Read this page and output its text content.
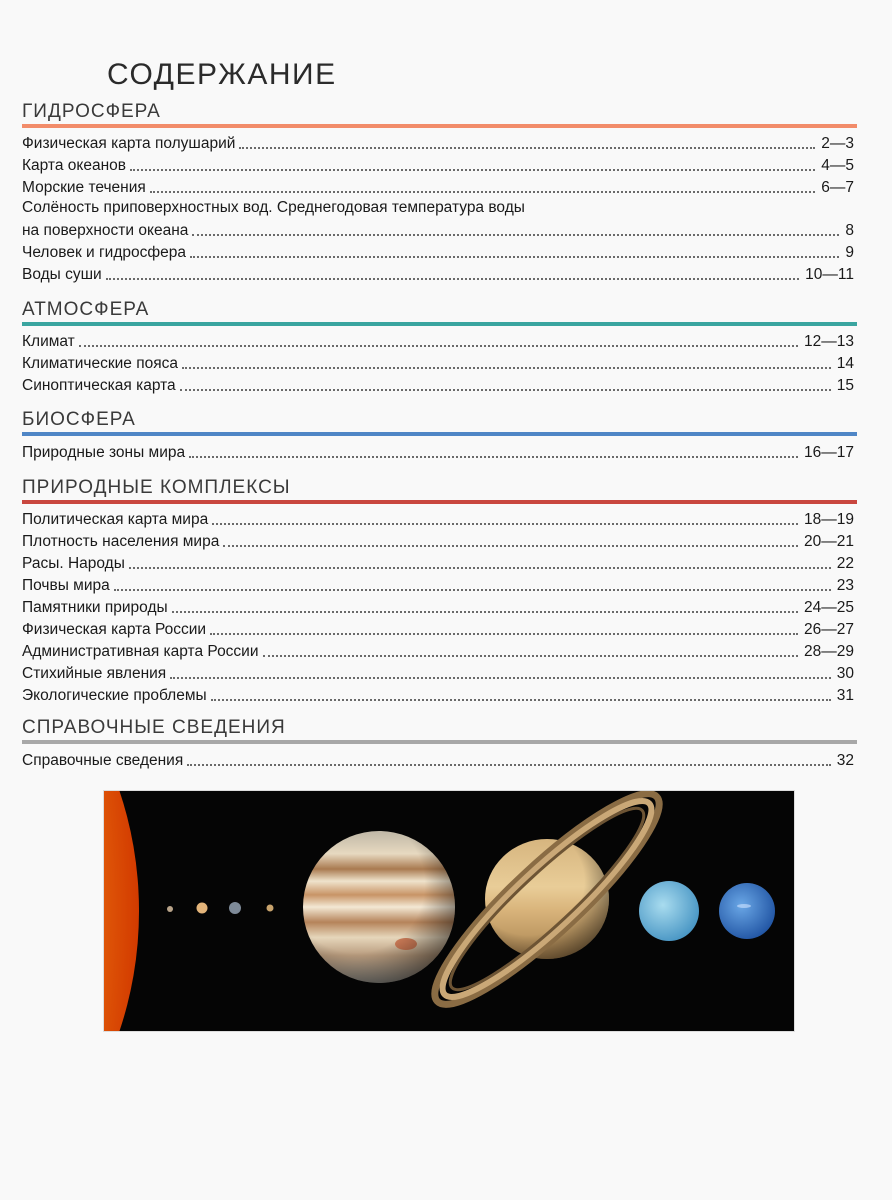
СОДЕРЖАНИЕ
ГИДРОСФЕРА
Физическая карта полушарий	2—3
Карта океанов	4—5
Морские течения	6—7
Солёность приповерхностных вод. Среднегодовая температура воды
на поверхности океана	8
Человек и гидросфера	9
Воды суши	10—11
АТМОСФЕРА
Климат	12—13
Климатические пояса	14
Синоптическая карта	15
БИОСФЕРА
Природные зоны мира	16—17
ПРИРОДНЫЕ КОМПЛЕКСЫ
Политическая карта мира	18—19
Плотность населения мира	20—21
Расы. Народы	22
Почвы мира	23
Памятники природы	24—25
Физическая карта России	26—27
Административная карта России	28—29
Стихийные явления	30
Экологические проблемы	31
СПРАВОЧНЫЕ СВЕДЕНИЯ
Справочные сведения	32
